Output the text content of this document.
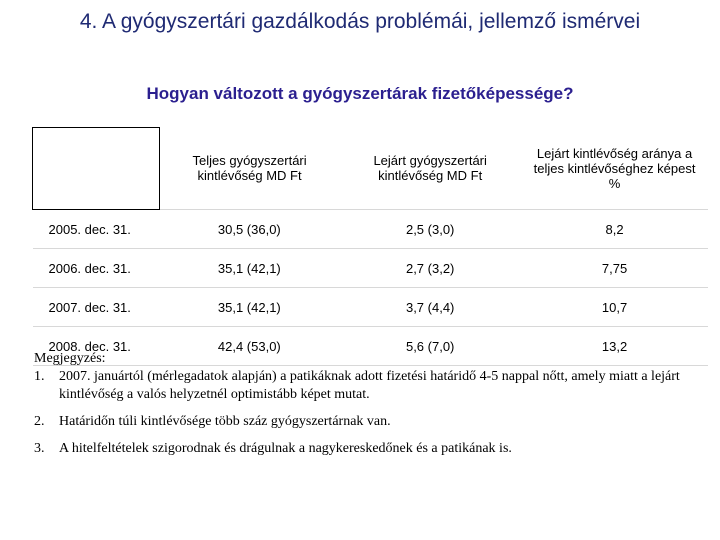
4. A gyógyszertári gazdálkodás problémái, jellemző ismérvei
Hogyan változott a gyógyszertárak fizetőképessége?
	Teljes gyógyszertári kintlévőség MD Ft	Lejárt gyógyszertári kintlévőség MD Ft	Lejárt kintlévőség aránya a teljes kintlévőséghez képest %
2005. dec. 31.	30,5 (36,0)	2,5 (3,0)	8,2
2006. dec. 31.	35,1 (42,1)	2,7 (3,2)	7,75
2007. dec. 31.	35,1 (42,1)	3,7 (4,4)	10,7
2008. dec. 31.	42,4 (53,0)	5,6 (7,0)	13,2

Megjegyzés:

1. 2007. januártól (mérlegadatok alapján) a patikáknak adott fizetési határidő 4-5 nappal nőtt, amely miatt a lejárt kintlévőség a valós helyzetnél optimistább képet mutat.
2. Határidőn túli kintlévősége több száz gyógyszertárnak van.
3. A hitelfeltételek szigorodnak és drágulnak a nagykereskedőnek és a patikának is.
